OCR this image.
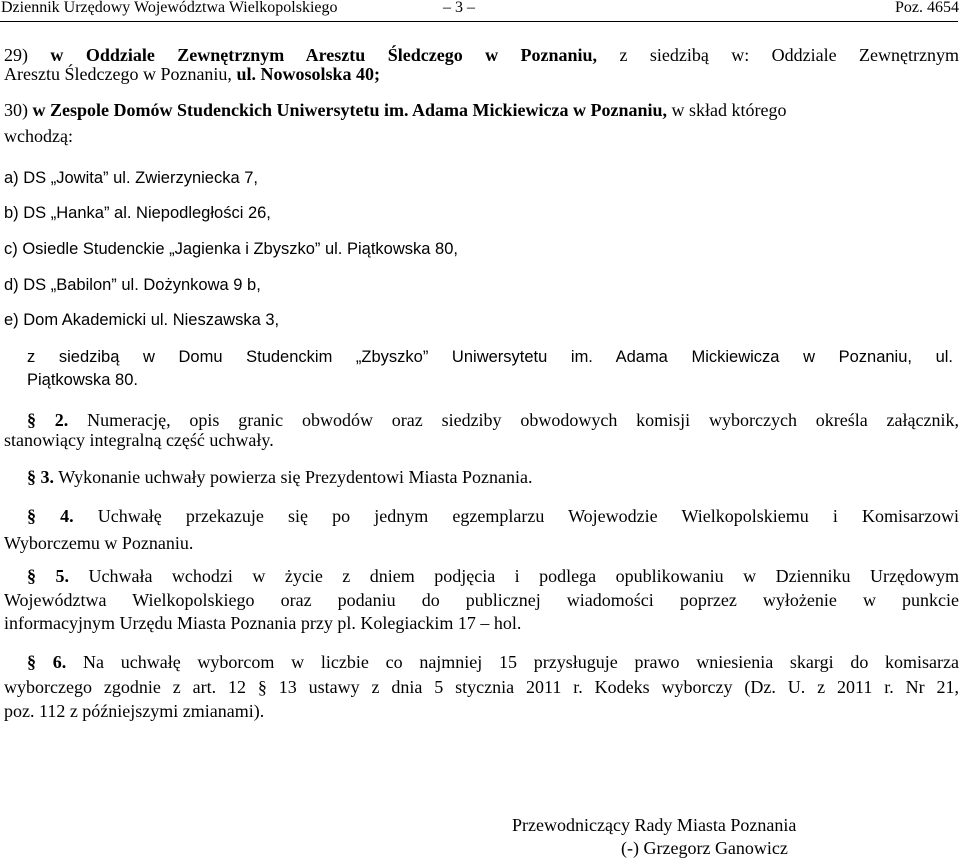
Dziennik Urzędowy Województwa Wielkopolskiego	– 3 –	Poz. 4654
29) w Oddziale Zewnętrznym Aresztu Śledczego w Poznaniu, z siedzibą w: Oddziale Zewnętrznym
Aresztu Śledczego w Poznaniu, ul. Nowosolska 40;
30) w Zespole Domów Studenckich Uniwersytetu im. Adama Mickiewicza w Poznaniu, w skład którego
wchodzą:
a) DS „Jowita” ul. Zwierzyniecka 7,
b) DS „Hanka” al. Niepodległości 26,
c) Osiedle Studenckie „Jagienka i Zbyszko” ul. Piątkowska 80,
d) DS „Babilon” ul. Dożynkowa 9 b,
e) Dom Akademicki ul. Nieszawska 3,
z siedzibą w Domu Studenckim „Zbyszko” Uniwersytetu im. Adama Mickiewicza w Poznaniu, ul.
Piątkowska 80.
§ 2. Numerację, opis granic obwodów oraz siedziby obwodowych komisji wyborczych określa załącznik,
stanowiący integralną część uchwały.
§ 3. Wykonanie uchwały powierza się Prezydentowi Miasta Poznania.
§ 4. Uchwałę przekazuje się po jednym egzemplarzu Wojewodzie Wielkopolskiemu i Komisarzowi
Wyborczemu w Poznaniu.
§ 5. Uchwała wchodzi w życie z dniem podjęcia i podlega opublikowaniu w Dzienniku Urzędowym
Województwa Wielkopolskiego oraz podaniu do publicznej wiadomości poprzez wyłożenie w punkcie
informacyjnym Urzędu Miasta Poznania przy pl. Kolegiackim 17 – hol.
§ 6. Na uchwałę wyborcom w liczbie co najmniej 15 przysługuje prawo wniesienia skargi do komisarza
wyborczego zgodnie z art. 12 § 13 ustawy z dnia 5 stycznia 2011 r. Kodeks wyborczy (Dz. U. z 2011 r. Nr 21,
poz. 112 z późniejszymi zmianami).
Przewodniczący Rady Miasta Poznania
(-) Grzegorz Ganowicz
